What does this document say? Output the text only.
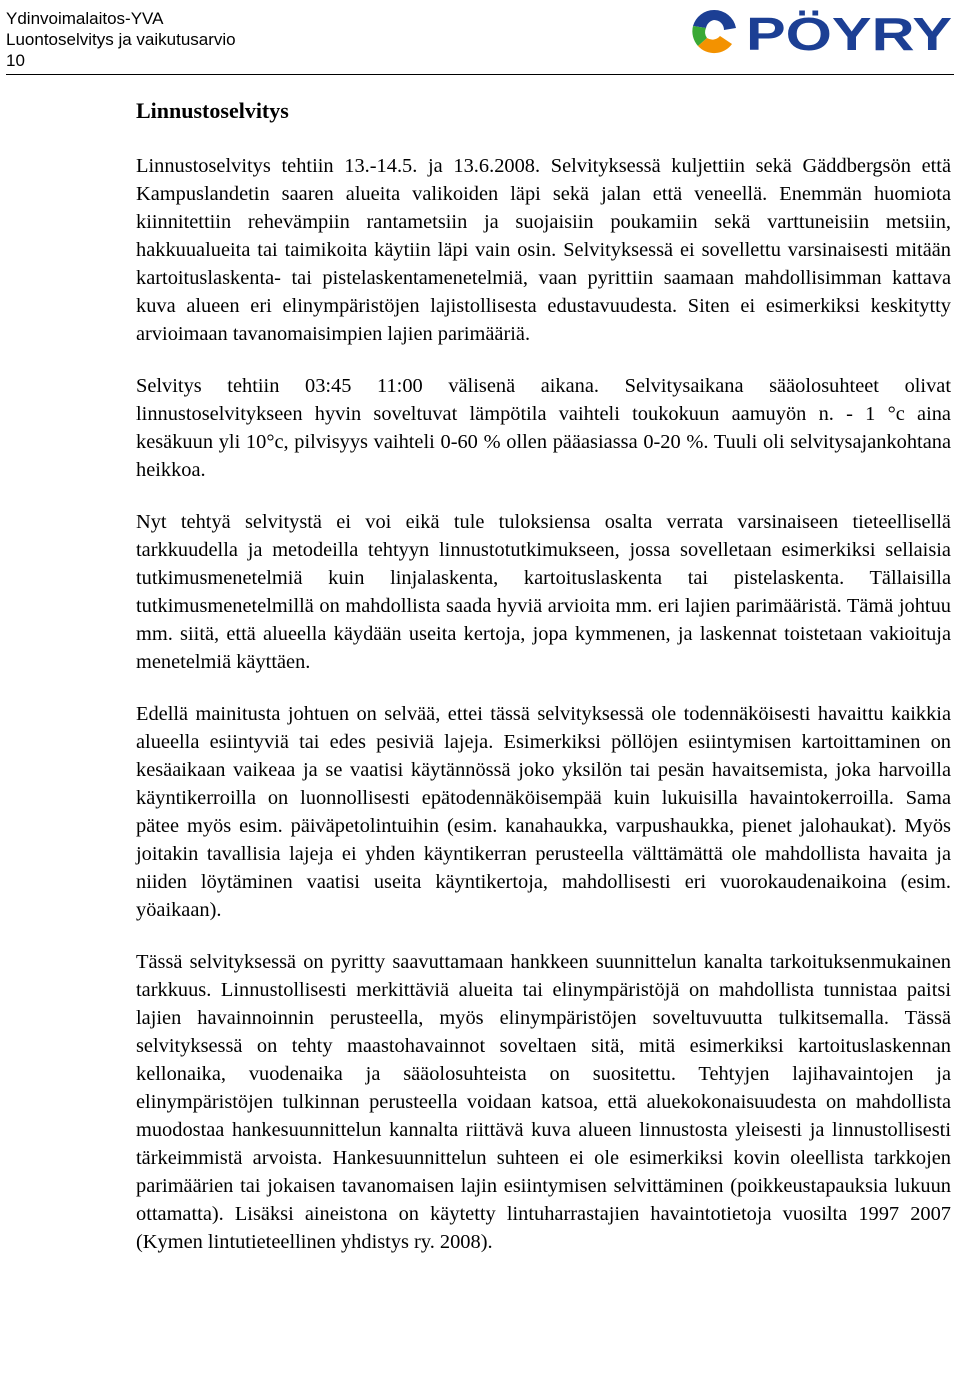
Ydinvoimalaitos-YVA
Luontoselvitys ja vaikutusarvio
10
PÖYRY
Linnustoselvitys

Linnustoselvitys tehtiin 13.-14.5. ja 13.6.2008. Selvityksessä kuljettiin sekä Gäddbergsön että Kampuslandetin saaren alueita valikoiden läpi sekä jalan että veneellä. Enemmän huomiota kiinnitettiin rehevämpiin rantametsiin ja suojaisiin poukamiin sekä varttuneisiin metsiin, hakkuualueita tai taimikoita käytiin läpi vain osin. Selvityksessä ei sovellettu varsinaisesti mitään kartoituslaskenta- tai pistelaskentamenetelmiä, vaan pyrittiin saamaan mahdollisimman kattava kuva alueen eri elinympäristöjen lajistollisesta edustavuudesta. Siten ei esimerkiksi keskitytty arvioimaan tavanomaisimpien lajien parimääriä.

Selvitys tehtiin 03:45 11:00 välisenä aikana. Selvitysaikana sääolosuhteet olivat linnustoselvitykseen hyvin soveltuvat lämpötila vaihteli toukokuun aamuyön n. - 1 °c aina kesäkuun yli 10°c, pilvisyys vaihteli 0-60 % ollen pääasiassa 0-20 %. Tuuli oli selvitysajankohtana heikkoa.

Nyt tehtyä selvitystä ei voi eikä tule tuloksiensa osalta verrata varsinaiseen tieteellisellä tarkkuudella ja metodeilla tehtyyn linnustotutkimukseen, jossa sovelletaan esimerkiksi sellaisia tutkimusmenetelmiä kuin linjalaskenta, kartoituslaskenta tai pistelaskenta. Tällaisilla tutkimusmenetelmillä on mahdollista saada hyviä arvioita mm. eri lajien parimääristä. Tämä johtuu mm. siitä, että alueella käydään useita kertoja, jopa kymmenen, ja laskennat toistetaan vakioituja menetelmiä käyttäen.

Edellä mainitusta johtuen on selvää, ettei tässä selvityksessä ole todennäköisesti havaittu kaikkia alueella esiintyviä tai edes pesiviä lajeja. Esimerkiksi pöllöjen esiintymisen kartoittaminen on kesäaikaan vaikeaa ja se vaatisi käytännössä joko yksilön tai pesän havaitsemista, joka harvoilla käyntikerroilla on luonnollisesti epätodennäköisempää kuin lukuisilla havaintokerroilla. Sama pätee myös esim. päiväpetolintuihin (esim. kanahaukka, varpushaukka, pienet jalohaukat). Myös joitakin tavallisia lajeja ei yhden käyntikerran perusteella välttämättä ole mahdollista havaita ja niiden löytäminen vaatisi useita käyntikertoja, mahdollisesti eri vuorokaudenaikoina (esim. yöaikaan).

Tässä selvityksessä on pyritty saavuttamaan hankkeen suunnittelun kanalta tarkoituksenmukainen tarkkuus. Linnustollisesti merkittäviä alueita tai elinympäristöjä on mahdollista tunnistaa paitsi lajien havainnoinnin perusteella, myös elinympäristöjen soveltuvuutta tulkitsemalla. Tässä selvityksessä on tehty maastohavainnot soveltaen sitä, mitä esimerkiksi kartoituslaskennan kellonaika, vuodenaika ja sääolosuhteista on suositettu. Tehtyjen lajihavaintojen ja elinympäristöjen tulkinnan perusteella voidaan katsoa, että aluekokonaisuudesta on mahdollista muodostaa hankesuunnittelun kannalta riittävä kuva alueen linnustosta yleisesti ja linnustollisesti tärkeimmistä arvoista. Hankesuunnittelun suhteen ei ole esimerkiksi kovin oleellista tarkkojen parimäärien tai jokaisen tavanomaisen lajin esiintymisen selvittäminen (poikkeustapauksia lukuun ottamatta). Lisäksi aineistona on käytetty lintuharrastajien havaintotietoja vuosilta 1997 2007 (Kymen lintutieteellinen yhdistys ry. 2008).
